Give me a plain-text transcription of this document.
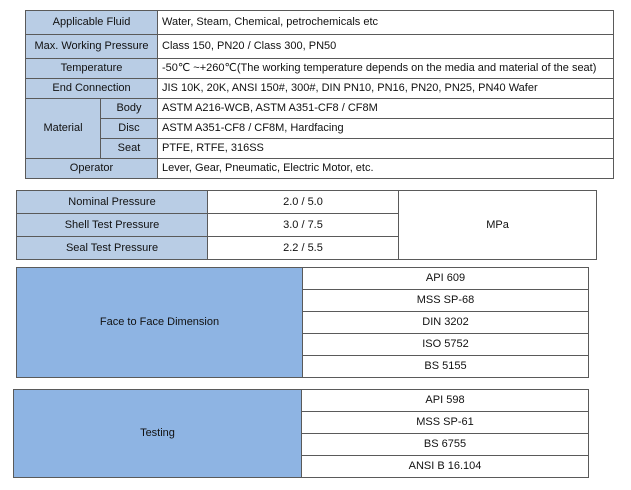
Applicable Fluid		Water, Steam, Chemical, petrochemicals etc
Max. Working Pressure		Class 150, PN20 / Class 300, PN50
Temperature		-50℃ ~+260℃(The working temperature depends on the media and material of the seat)
End Connection		JIS 10K, 20K, ANSI 150#, 300#, DIN PN10, PN16, PN20, PN25, PN40 Wafer
Material	Body	ASTM A216-WCB, ASTM A351-CF8 / CF8M
	Disc	ASTM A351-CF8 / CF8M, Hardfacing
	Seat	PTFE, RTFE, 316SS
Operator		Lever, Gear, Pneumatic, Electric Motor, etc.
Nominal Pressure	2.0 / 5.0	MPa
Shell Test Pressure	3.0 / 7.5	
Seal Test Pressure	2.2 / 5.5	
Face to Face Dimension	API 609
MSS SP-68
DIN 3202
ISO 5752
BS 5155
Testing	API 598
MSS SP-61
BS 6755
ANSI B 16.104
